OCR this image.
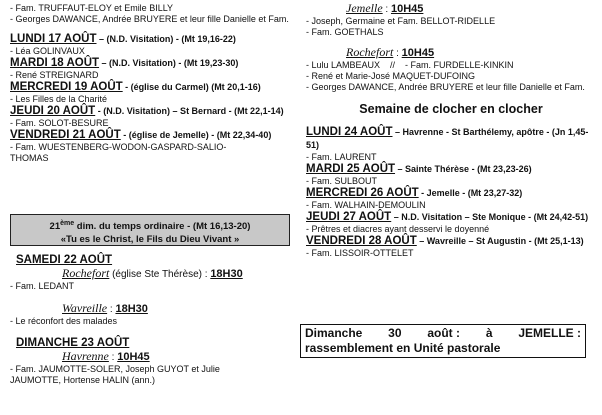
- Fam. TRUFFAUT-ELOY et Emile BILLY
- Georges DAWANCE, Andrée BRUYERE et leur fille Danielle et Fam.
LUNDI 17 AOÛT – (N.D. Visitation) - (Mt 19,16-22)
- Léa GOLINVAUX
MARDI 18 AOÛT – (N.D. Visitation) - (Mt 19,23-30)
- René STREIGNARD
MERCREDI 19 AOÛT - (église du Carmel) (Mt 20,1-16)
- Les Filles de la Charité
JEUDI 20 AOÛT - (N.D. Visitation) – St Bernard - (Mt 22,1-14)
- Fam. SOLOT-BESURE
VENDREDI 21 AOÛT - (église de Jemelle) - (Mt 22,34-40)
- Fam. WUESTENBERG-WODON-GASPARD-SALIO-THOMAS
21ème dim. du temps ordinaire - (Mt 16,13-20)
«Tu es le Christ, le Fils du Dieu Vivant »
SAMEDI 22 AOÛT
Rochefort (église Ste Thérèse) : 18H30
- Fam. LEDANT
Wavreille : 18H30
- Le réconfort des malades
DIMANCHE 23 AOÛT
Havrenne : 10H45
- Fam. JAUMOTTE-SOLER, Joseph GUYOT et Julie JAUMOTTE, Hortense HALIN (ann.)
Jemelle : 10H45
- Joseph, Germaine et Fam. BELLOT-RIDELLE
- Fam. GOETHALS
Rochefort : 10H45
- Lulu LAMBEAUX    //    - Fam. FURDELLE-KINKIN
- René et Marie-José MAQUET-DUFOING
- Georges DAWANCE, Andrée BRUYERE et leur fille Danielle et Fam.
Semaine de clocher en clocher
LUNDI 24 AOÛT – Havrenne - St Barthélemy, apôtre - (Jn 1,45-51)
- Fam. LAURENT
MARDI 25 AOÛT – Sainte Thérèse - (Mt 23,23-26)
- Fam. SULBOUT
MERCREDI 26 AOÛT - Jemelle - (Mt 23,27-32)
- Fam. WALHAIN-DEMOULIN
JEUDI 27 AOÛT – N.D. Visitation – Ste Monique - (Mt 24,42-51)
- Prêtres et diacres ayant desservi le doyenné
VENDREDI 28 AOÛT – Wavreille – St Augustin - (Mt 25,1-13)
- Fam. LISSOIR-OTTELET
Dimanche 30 août : à JEMELLE :
rassemblement en Unité pastorale
